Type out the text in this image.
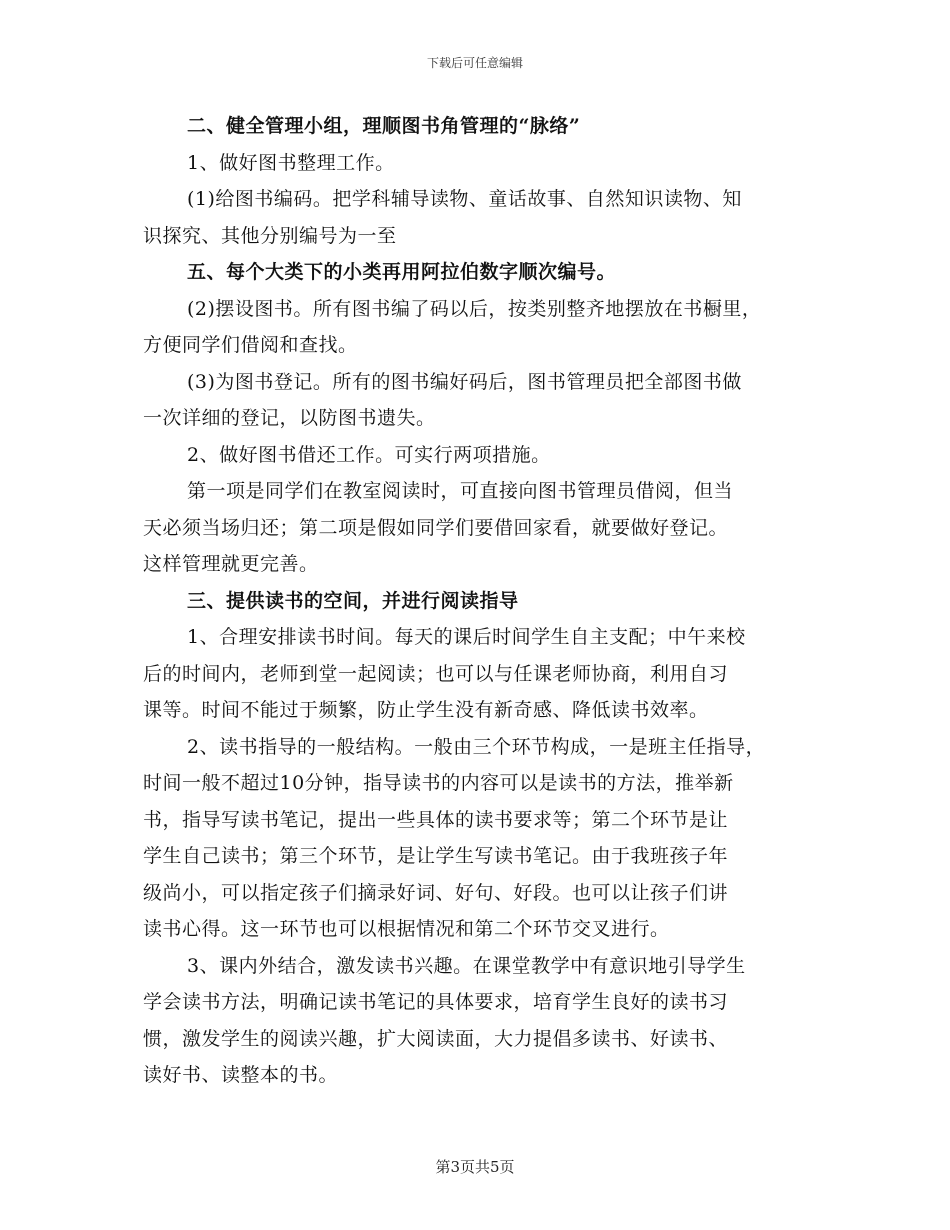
下载后可任意编辑
二、健全管理小组，理顺图书角管理的“脉络”
1、做好图书整理工作。
(1)给图书编码。把学科辅导读物、童话故事、自然知识读物、知
识探究、其他分别编号为一至
五、每个大类下的小类再用阿拉伯数字顺次编号。
(2)摆设图书。所有图书编了码以后，按类别整齐地摆放在书橱里，
方便同学们借阅和查找。
(3)为图书登记。所有的图书编好码后，图书管理员把全部图书做
一次详细的登记，以防图书遗失。
2、做好图书借还工作。可实行两项措施。
第一项是同学们在教室阅读时，可直接向图书管理员借阅，但当
天必须当场归还；第二项是假如同学们要借回家看，就要做好登记。
这样管理就更完善。
三、提供读书的空间，并进行阅读指导
1、合理安排读书时间。每天的课后时间学生自主支配；中午来校
后的时间内，老师到堂一起阅读；也可以与任课老师协商，利用自习
课等。时间不能过于频繁，防止学生没有新奇感、降低读书效率。
2、读书指导的一般结构。一般由三个环节构成，一是班主任指导，
时间一般不超过10分钟，指导读书的内容可以是读书的方法，推举新
书，指导写读书笔记，提出一些具体的读书要求等；第二个环节是让
学生自己读书；第三个环节，是让学生写读书笔记。由于我班孩子年
级尚小，可以指定孩子们摘录好词、好句、好段。也可以让孩子们讲
读书心得。这一环节也可以根据情况和第二个环节交叉进行。
3、课内外结合，激发读书兴趣。在课堂教学中有意识地引导学生
学会读书方法，明确记读书笔记的具体要求，培育学生良好的读书习
惯，激发学生的阅读兴趣，扩大阅读面，大力提倡多读书、好读书、
读好书、读整本的书。
第3页共5页
